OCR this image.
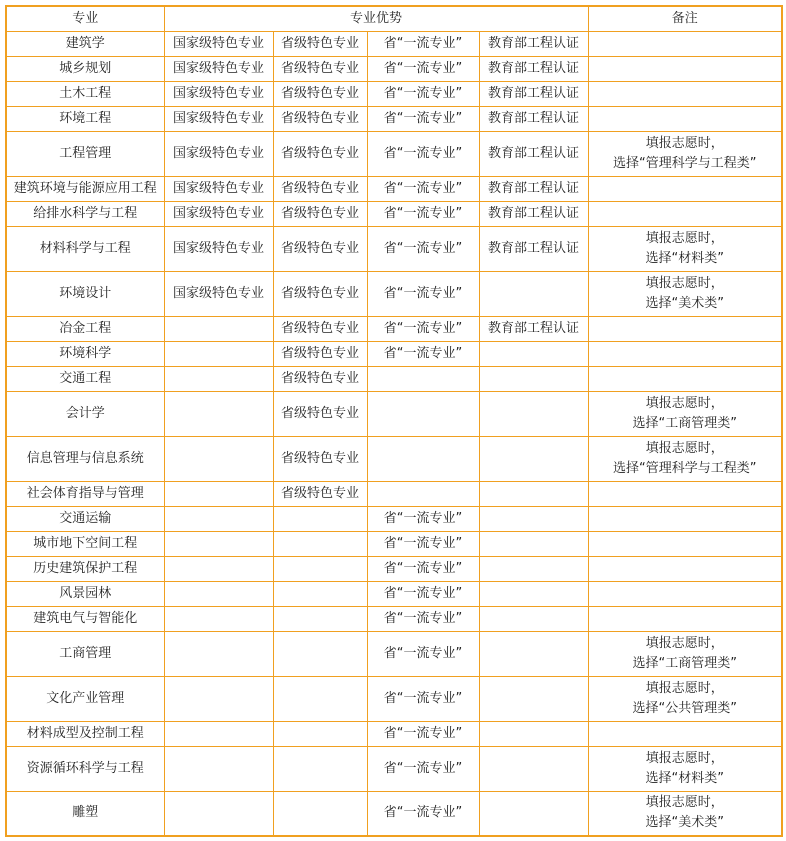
专业	专业优势				备注
建筑学	国家级特色专业	省级特色专业	省“一流专业”	教育部工程认证	
城乡规划	国家级特色专业	省级特色专业	省“一流专业”	教育部工程认证	
土木工程	国家级特色专业	省级特色专业	省“一流专业”	教育部工程认证	
环境工程	国家级特色专业	省级特色专业	省“一流专业”	教育部工程认证	
工程管理	国家级特色专业	省级特色专业	省“一流专业”	教育部工程认证	填报志愿时，
选择“管理科学与工程类”
建筑环境与能源应用工程	国家级特色专业	省级特色专业	省“一流专业”	教育部工程认证	
给排水科学与工程	国家级特色专业	省级特色专业	省“一流专业”	教育部工程认证	
材料科学与工程	国家级特色专业	省级特色专业	省“一流专业”	教育部工程认证	填报志愿时，
选择“材料类”
环境设计	国家级特色专业	省级特色专业	省“一流专业”		填报志愿时，
选择“美术类”
冶金工程		省级特色专业	省“一流专业”	教育部工程认证	
环境科学		省级特色专业	省“一流专业”		
交通工程		省级特色专业			
会计学		省级特色专业			填报志愿时，
选择“工商管理类”
信息管理与信息系统		省级特色专业			填报志愿时，
选择“管理科学与工程类”
社会体育指导与管理		省级特色专业			
交通运输			省“一流专业”		
城市地下空间工程			省“一流专业”		
历史建筑保护工程			省“一流专业”		
风景园林			省“一流专业”		
建筑电气与智能化			省“一流专业”		
工商管理			省“一流专业”		填报志愿时，
选择“工商管理类”
文化产业管理			省“一流专业”		填报志愿时，
选择“公共管理类”
材料成型及控制工程			省“一流专业”		
资源循环科学与工程			省“一流专业”		填报志愿时，
选择“材料类”
雕塑			省“一流专业”		填报志愿时，
选择“美术类”
